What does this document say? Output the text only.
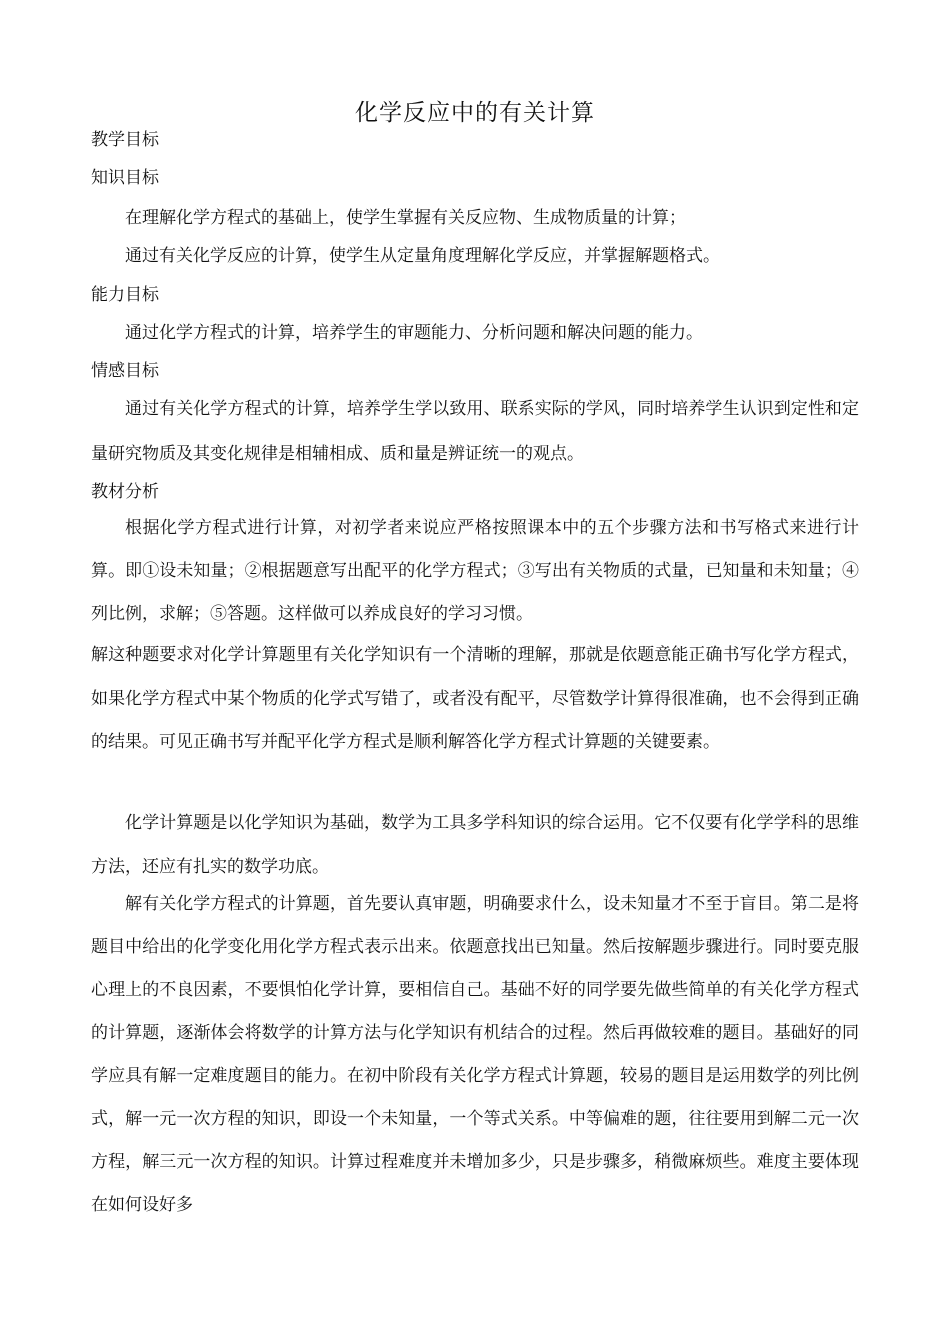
化学反应中的有关计算
教学目标
知识目标

在理解化学方程式的基础上，使学生掌握有关反应物、生成物质量的计算；

通过有关化学反应的计算，使学生从定量角度理解化学反应，并掌握解题格式。

能力目标

通过化学方程式的计算，培养学生的审题能力、分析问题和解决问题的能力。

情感目标

通过有关化学方程式的计算，培养学生学以致用、联系实际的学风，同时培养学生认识到定性和定量研究物质及其变化规律是相辅相成、质和量是辨证统一的观点。

教材分析

根据化学方程式进行计算，对初学者来说应严格按照课本中的五个步骤方法和书写格式来进行计算。即①设未知量；②根据题意写出配平的化学方程式；③写出有关物质的式量，已知量和未知量；④列比例，求解；⑤答题。这样做可以养成良好的学习习惯。

解这种题要求对化学计算题里有关化学知识有一个清晰的理解，那就是依题意能正确书写化学方程式，如果化学方程式中某个物质的化学式写错了，或者没有配平，尽管数学计算得很准确，也不会得到正确的结果。可见正确书写并配平化学方程式是顺利解答化学方程式计算题的关键要素。

化学计算题是以化学知识为基础，数学为工具多学科知识的综合运用。它不仅要有化学学科的思维方法，还应有扎实的数学功底。

解有关化学方程式的计算题，首先要认真审题，明确要求什么，设未知量才不至于盲目。第二是将题目中给出的化学变化用化学方程式表示出来。依题意找出已知量。然后按解题步骤进行。同时要克服心理上的不良因素，不要惧怕化学计算，要相信自己。基础不好的同学要先做些简单的有关化学方程式的计算题，逐渐体会将数学的计算方法与化学知识有机结合的过程。然后再做较难的题目。基础好的同学应具有解一定难度题目的能力。在初中阶段有关化学方程式计算题，较易的题目是运用数学的列比例式，解一元一次方程的知识，即设一个未知量，一个等式关系。中等偏难的题，往往要用到解二元一次方程，解三元一次方程的知识。计算过程难度并未增加多少，只是步骤多，稍微麻烦些。难度主要体现在如何设好多
